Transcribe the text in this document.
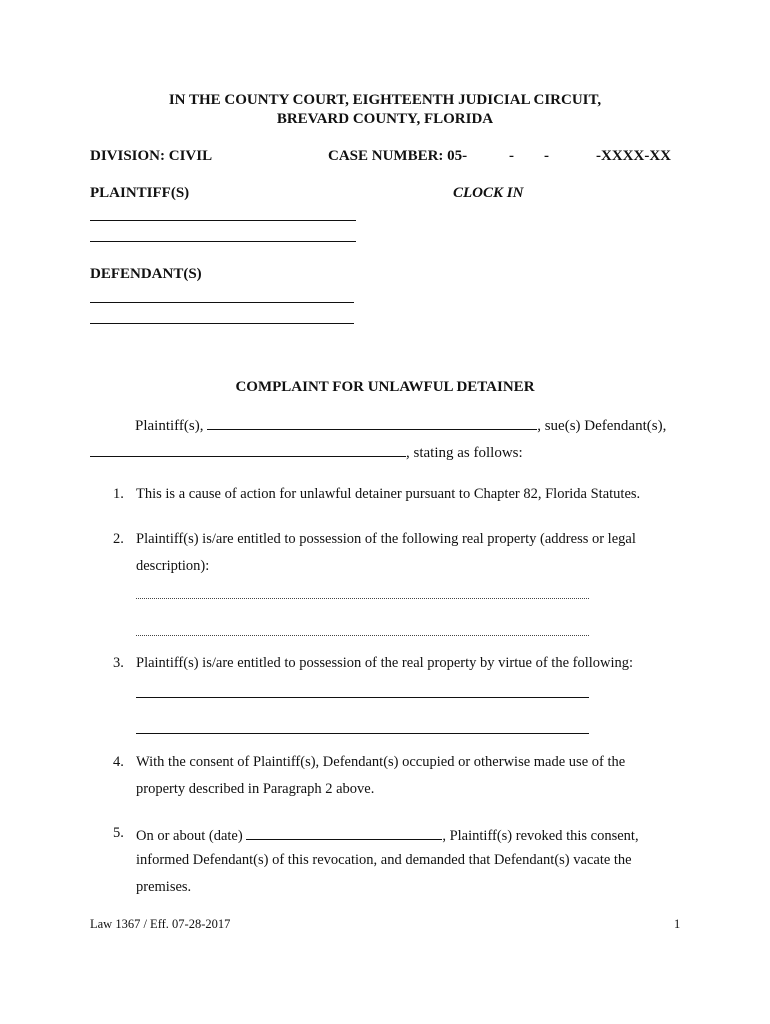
IN THE COUNTY COURT, EIGHTEENTH JUDICIAL CIRCUIT,
BREVARD COUNTY, FLORIDA
DIVISION: CIVIL	CASE NUMBER: 05-	- -	-XXXX-XX
PLAINTIFF(S)	CLOCK IN
DEFENDANT(S)
COMPLAINT FOR UNLAWFUL DETAINER
Plaintiff(s),	, sue(s) Defendant(s),
, stating as follows:
1. This is a cause of action for unlawful detainer pursuant to Chapter 82, Florida Statutes.
2. Plaintiff(s) is/are entitled to possession of the following real property (address or legal
description):
3. Plaintiff(s) is/are entitled to possession of the real property by virtue of the following:
4. With the consent of Plaintiff(s), Defendant(s) occupied or otherwise made use of the
property described in Paragraph 2 above.
5. On or about (date)	, Plaintiff(s) revoked this consent,
informed Defendant(s) of this revocation, and demanded that Defendant(s) vacate the
premises.
Law 1367 / Eff. 07-28-2017	1
